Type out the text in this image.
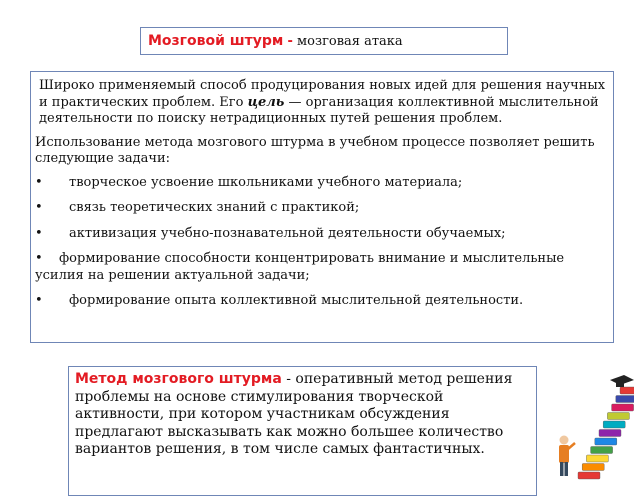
Мозговой штурм - мозговая атака

Широко применяемый способ продуцирования новых идей для решения научных и практических проблем. Его цель — организация коллективной мыслительной деятельности по поиску нетрадиционных путей решения проблем.

Использование метода мозгового штурма в учебном процессе позволяет решить следующие задачи:

• творческое усвоение школьниками учебного материала;
• связь теоретических знаний с практикой;
• активизация учебно-познавательной деятельности обучаемых;
• формирование способности концентрировать внимание и мыслительные усилия на решении актуальной задачи;
• формирование опыта коллективной мыслительной деятельности.
Метод мозгового штурма - оперативный метод решения проблемы на основе стимулирования творческой активности, при котором участникам обсуждения предлагают высказывать как можно большее количество вариантов решения, в том числе самых фантастичных.
